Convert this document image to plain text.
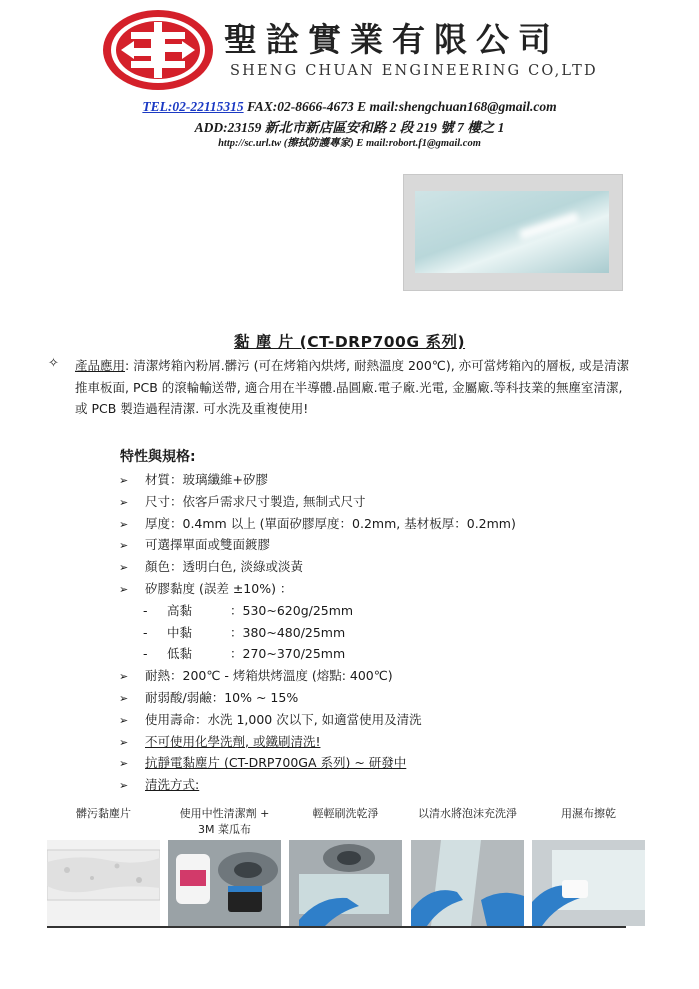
聖詮實業有限公司
SHENG CHUAN ENGINEERING CO,LTD
TEL:02-22115315 FAX:02-8666-4673 E mail:shengchuan168@gmail.com
ADD:23159 新北市新店區安和路 2 段 219 號 7 樓之 1
http://sc.url.tw (擦拭防護專家) E mail:robort.f1@gmail.com
黏 塵 片 (CT-DRP700G 系列)
✧ 產品應用: 清潔烤箱內粉屑.髒污 (可在烤箱內烘烤, 耐熱溫度 200℃), 亦可當烤箱內的層板, 或是清潔推車板面, PCB 的滾輪輸送帶, 適合用在半導體.晶圓廠.電子廠.光電, 金屬廠.等科技業的無塵室清潔, 或 PCB 製造過程清潔. 可水洗及重複使用!
特性與規格:
➢ 材質：玻璃纖維+矽膠
➢ 尺寸：依客戶需求尺寸製造, 無制式尺寸
➢ 厚度：0.4mm 以上 (單面矽膠厚度：0.2mm, 基材板厚：0.2mm)
➢ 可選擇單面或雙面鍍膠
➢ 顏色：透明白色, 淡綠或淡黃
➢ 矽膠黏度 (誤差 ±10%) ：
- 高黏	：530~620g/25mm
- 中黏	：380~480/25mm
- 低黏	：270~370/25mm
➢ 耐熱：200℃ - 烤箱烘烤溫度 (熔點: 400℃)
➢ 耐弱酸/弱鹼：10% ~ 15%
➢ 使用壽命：水洗 1,000 次以下, 如適當使用及清洗
➢ 不可使用化學洗劑, 或鐵刷清洗!
➢ 抗靜電黏塵片 (CT-DRP700GA 系列) ~ 研發中
➢ 清洗方式:
髒污黏塵片	使用中性清潔劑 +
3M 菜瓜布
輕輕刷洗乾淨	以清水將泡沫充洗淨	用濕布擦乾
